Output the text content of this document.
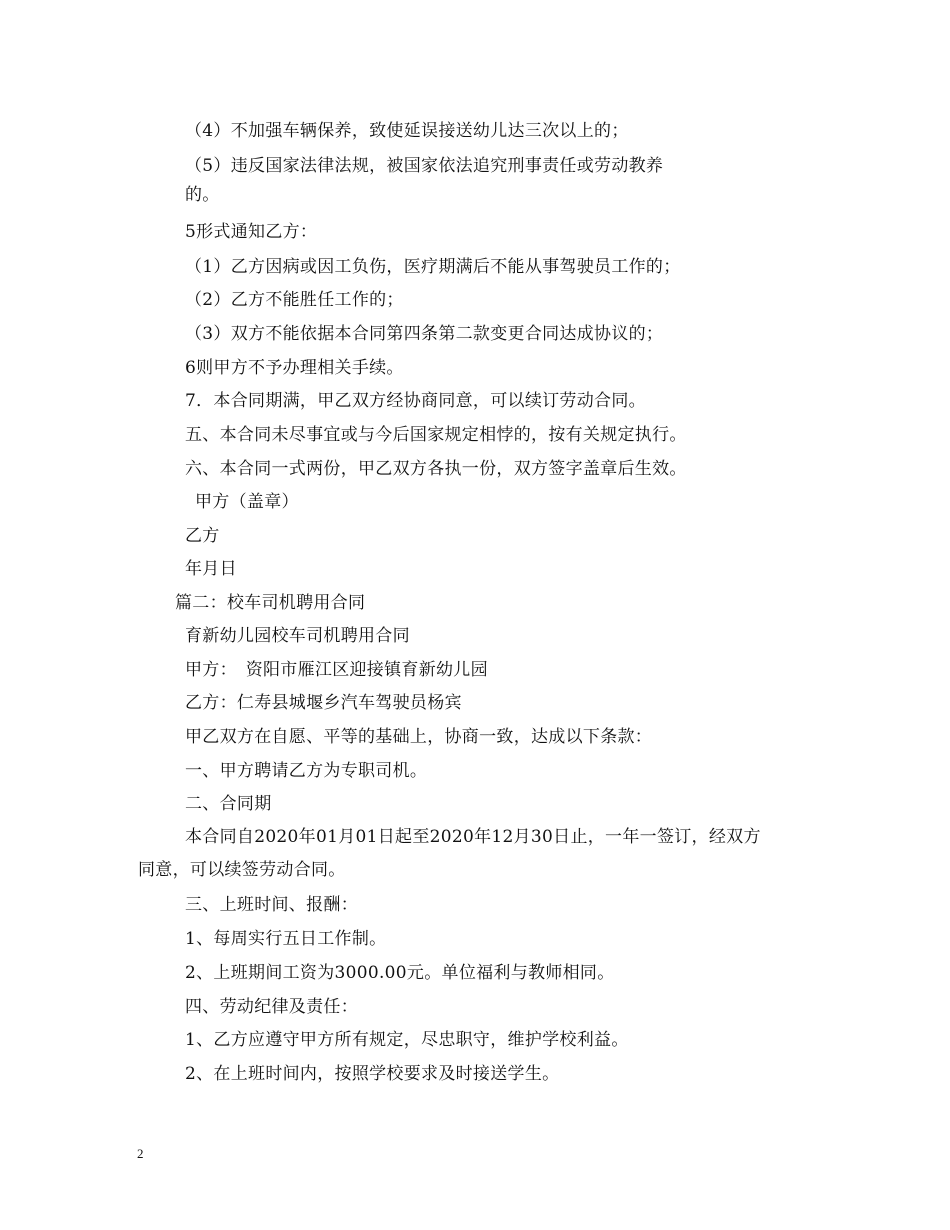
（4）不加强车辆保养，致使延误接送幼儿达三次以上的；
（5）违反国家法律法规，被国家依法追究刑事责任或劳动教养
的。
5形式通知乙方：
（1）乙方因病或因工负伤，医疗期满后不能从事驾驶员工作的；
（2）乙方不能胜任工作的；
（3）双方不能依据本合同第四条第二款变更合同达成协议的；
6则甲方不予办理相关手续。
7．本合同期满，甲乙双方经协商同意，可以续订劳动合同。
五、本合同未尽事宜或与今后国家规定相悖的，按有关规定执行。
六、本合同一式两份，甲乙双方各执一份，双方签字盖章后生效。
甲方（盖章）
乙方
年月日
篇二：校车司机聘用合同
育新幼儿园校车司机聘用合同
甲方：　资阳市雁江区迎接镇育新幼儿园
乙方：仁寿县城堰乡汽车驾驶员杨宾
甲乙双方在自愿、平等的基础上，协商一致，达成以下条款：
一、甲方聘请乙方为专职司机。
二、合同期
本合同自2020年01月01日起至2020年12月30日止，一年一签订，经双方
同意，可以续签劳动合同。
三、上班时间、报酬：
1、每周实行五日工作制。
2、上班期间工资为3000.00元。单位福利与教师相同。
四、劳动纪律及责任：
1、乙方应遵守甲方所有规定，尽忠职守，维护学校利益。
2、在上班时间内，按照学校要求及时接送学生。
2
